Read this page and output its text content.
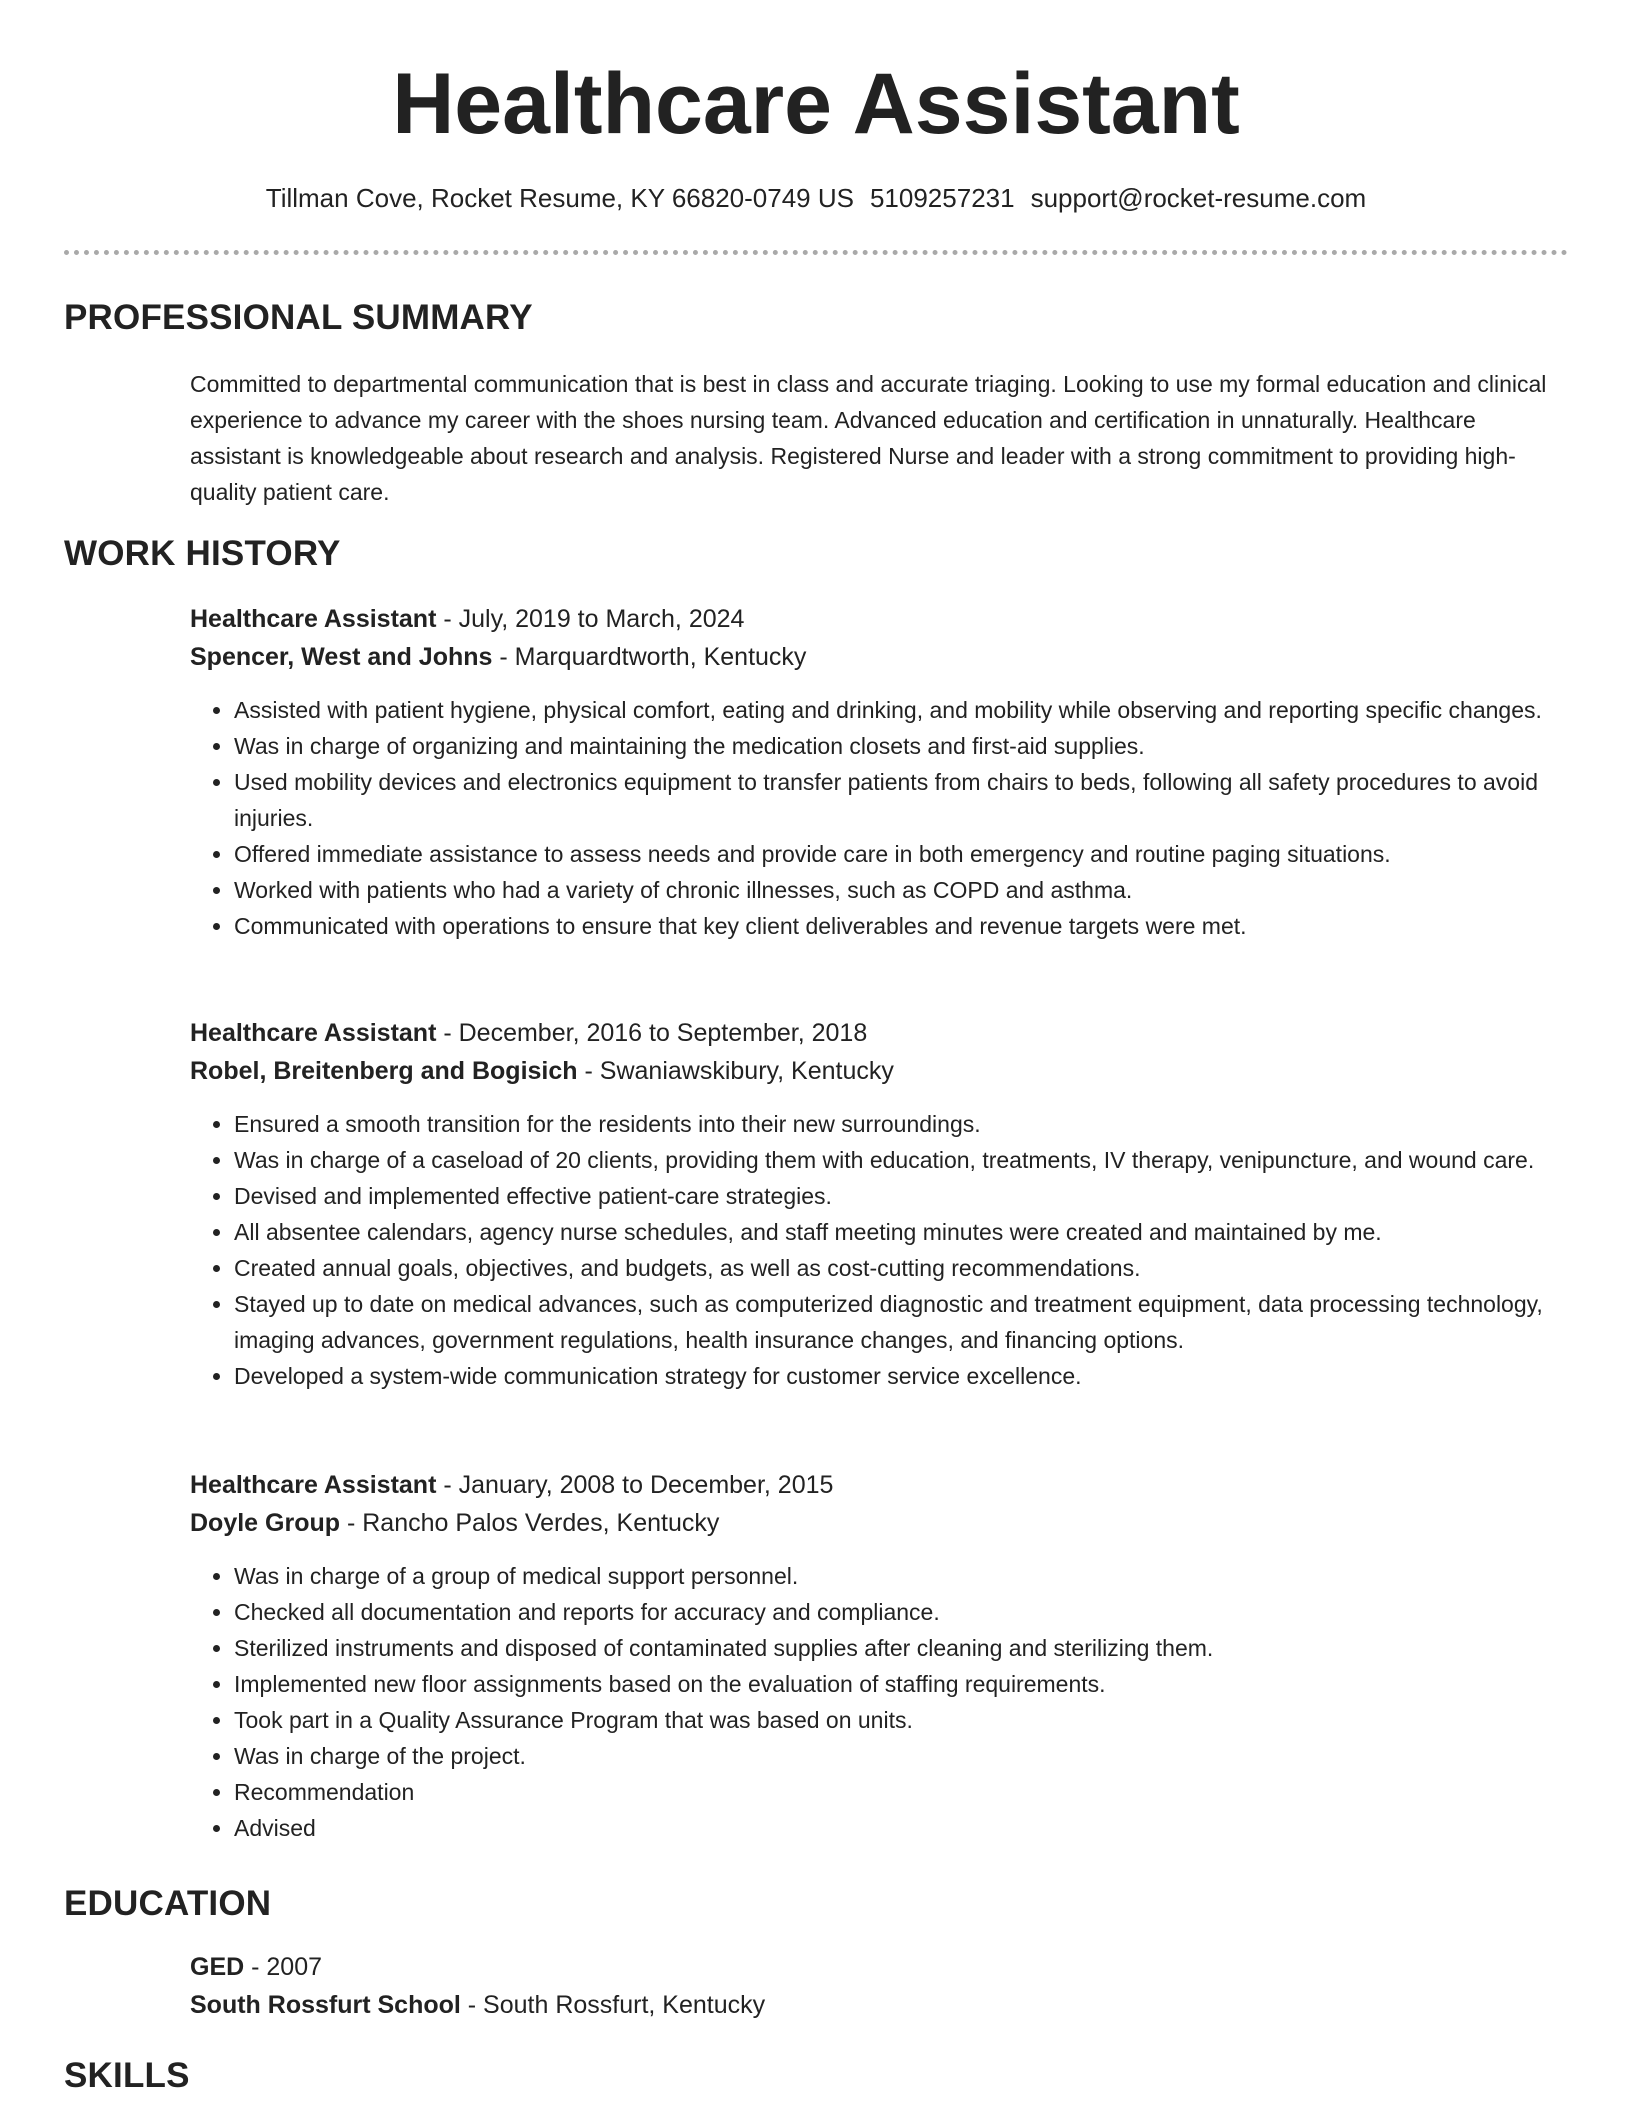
Healthcare Assistant
Tillman Cove, Rocket Resume, KY 66820-0749 US 5109257231 support@rocket-resume.com
PROFESSIONAL SUMMARY
Committed to departmental communication that is best in class and accurate triaging. Looking to use my formal education and clinical experience to advance my career with the shoes nursing team. Advanced education and certification in unnaturally. Healthcare assistant is knowledgeable about research and analysis. Registered Nurse and leader with a strong commitment to providing high-quality patient care.
WORK HISTORY
Healthcare Assistant - July, 2019 to March, 2024
Spencer, West and Johns - Marquardtworth, Kentucky
• Assisted with patient hygiene, physical comfort, eating and drinking, and mobility while observing and reporting specific changes.
• Was in charge of organizing and maintaining the medication closets and first-aid supplies.
• Used mobility devices and electronics equipment to transfer patients from chairs to beds, following all safety procedures to avoid injuries.
• Offered immediate assistance to assess needs and provide care in both emergency and routine paging situations.
• Worked with patients who had a variety of chronic illnesses, such as COPD and asthma.
• Communicated with operations to ensure that key client deliverables and revenue targets were met.
Healthcare Assistant - December, 2016 to September, 2018
Robel, Breitenberg and Bogisich - Swaniawskibury, Kentucky
• Ensured a smooth transition for the residents into their new surroundings.
• Was in charge of a caseload of 20 clients, providing them with education, treatments, IV therapy, venipuncture, and wound care.
• Devised and implemented effective patient-care strategies.
• All absentee calendars, agency nurse schedules, and staff meeting minutes were created and maintained by me.
• Created annual goals, objectives, and budgets, as well as cost-cutting recommendations.
• Stayed up to date on medical advances, such as computerized diagnostic and treatment equipment, data processing technology, imaging advances, government regulations, health insurance changes, and financing options.
• Developed a system-wide communication strategy for customer service excellence.
Healthcare Assistant - January, 2008 to December, 2015
Doyle Group - Rancho Palos Verdes, Kentucky
• Was in charge of a group of medical support personnel.
• Checked all documentation and reports for accuracy and compliance.
• Sterilized instruments and disposed of contaminated supplies after cleaning and sterilizing them.
• Implemented new floor assignments based on the evaluation of staffing requirements.
• Took part in a Quality Assurance Program that was based on units.
• Was in charge of the project.
• Recommendation
• Advised
EDUCATION
GED - 2007
South Rossfurt School - South Rossfurt, Kentucky
SKILLS
